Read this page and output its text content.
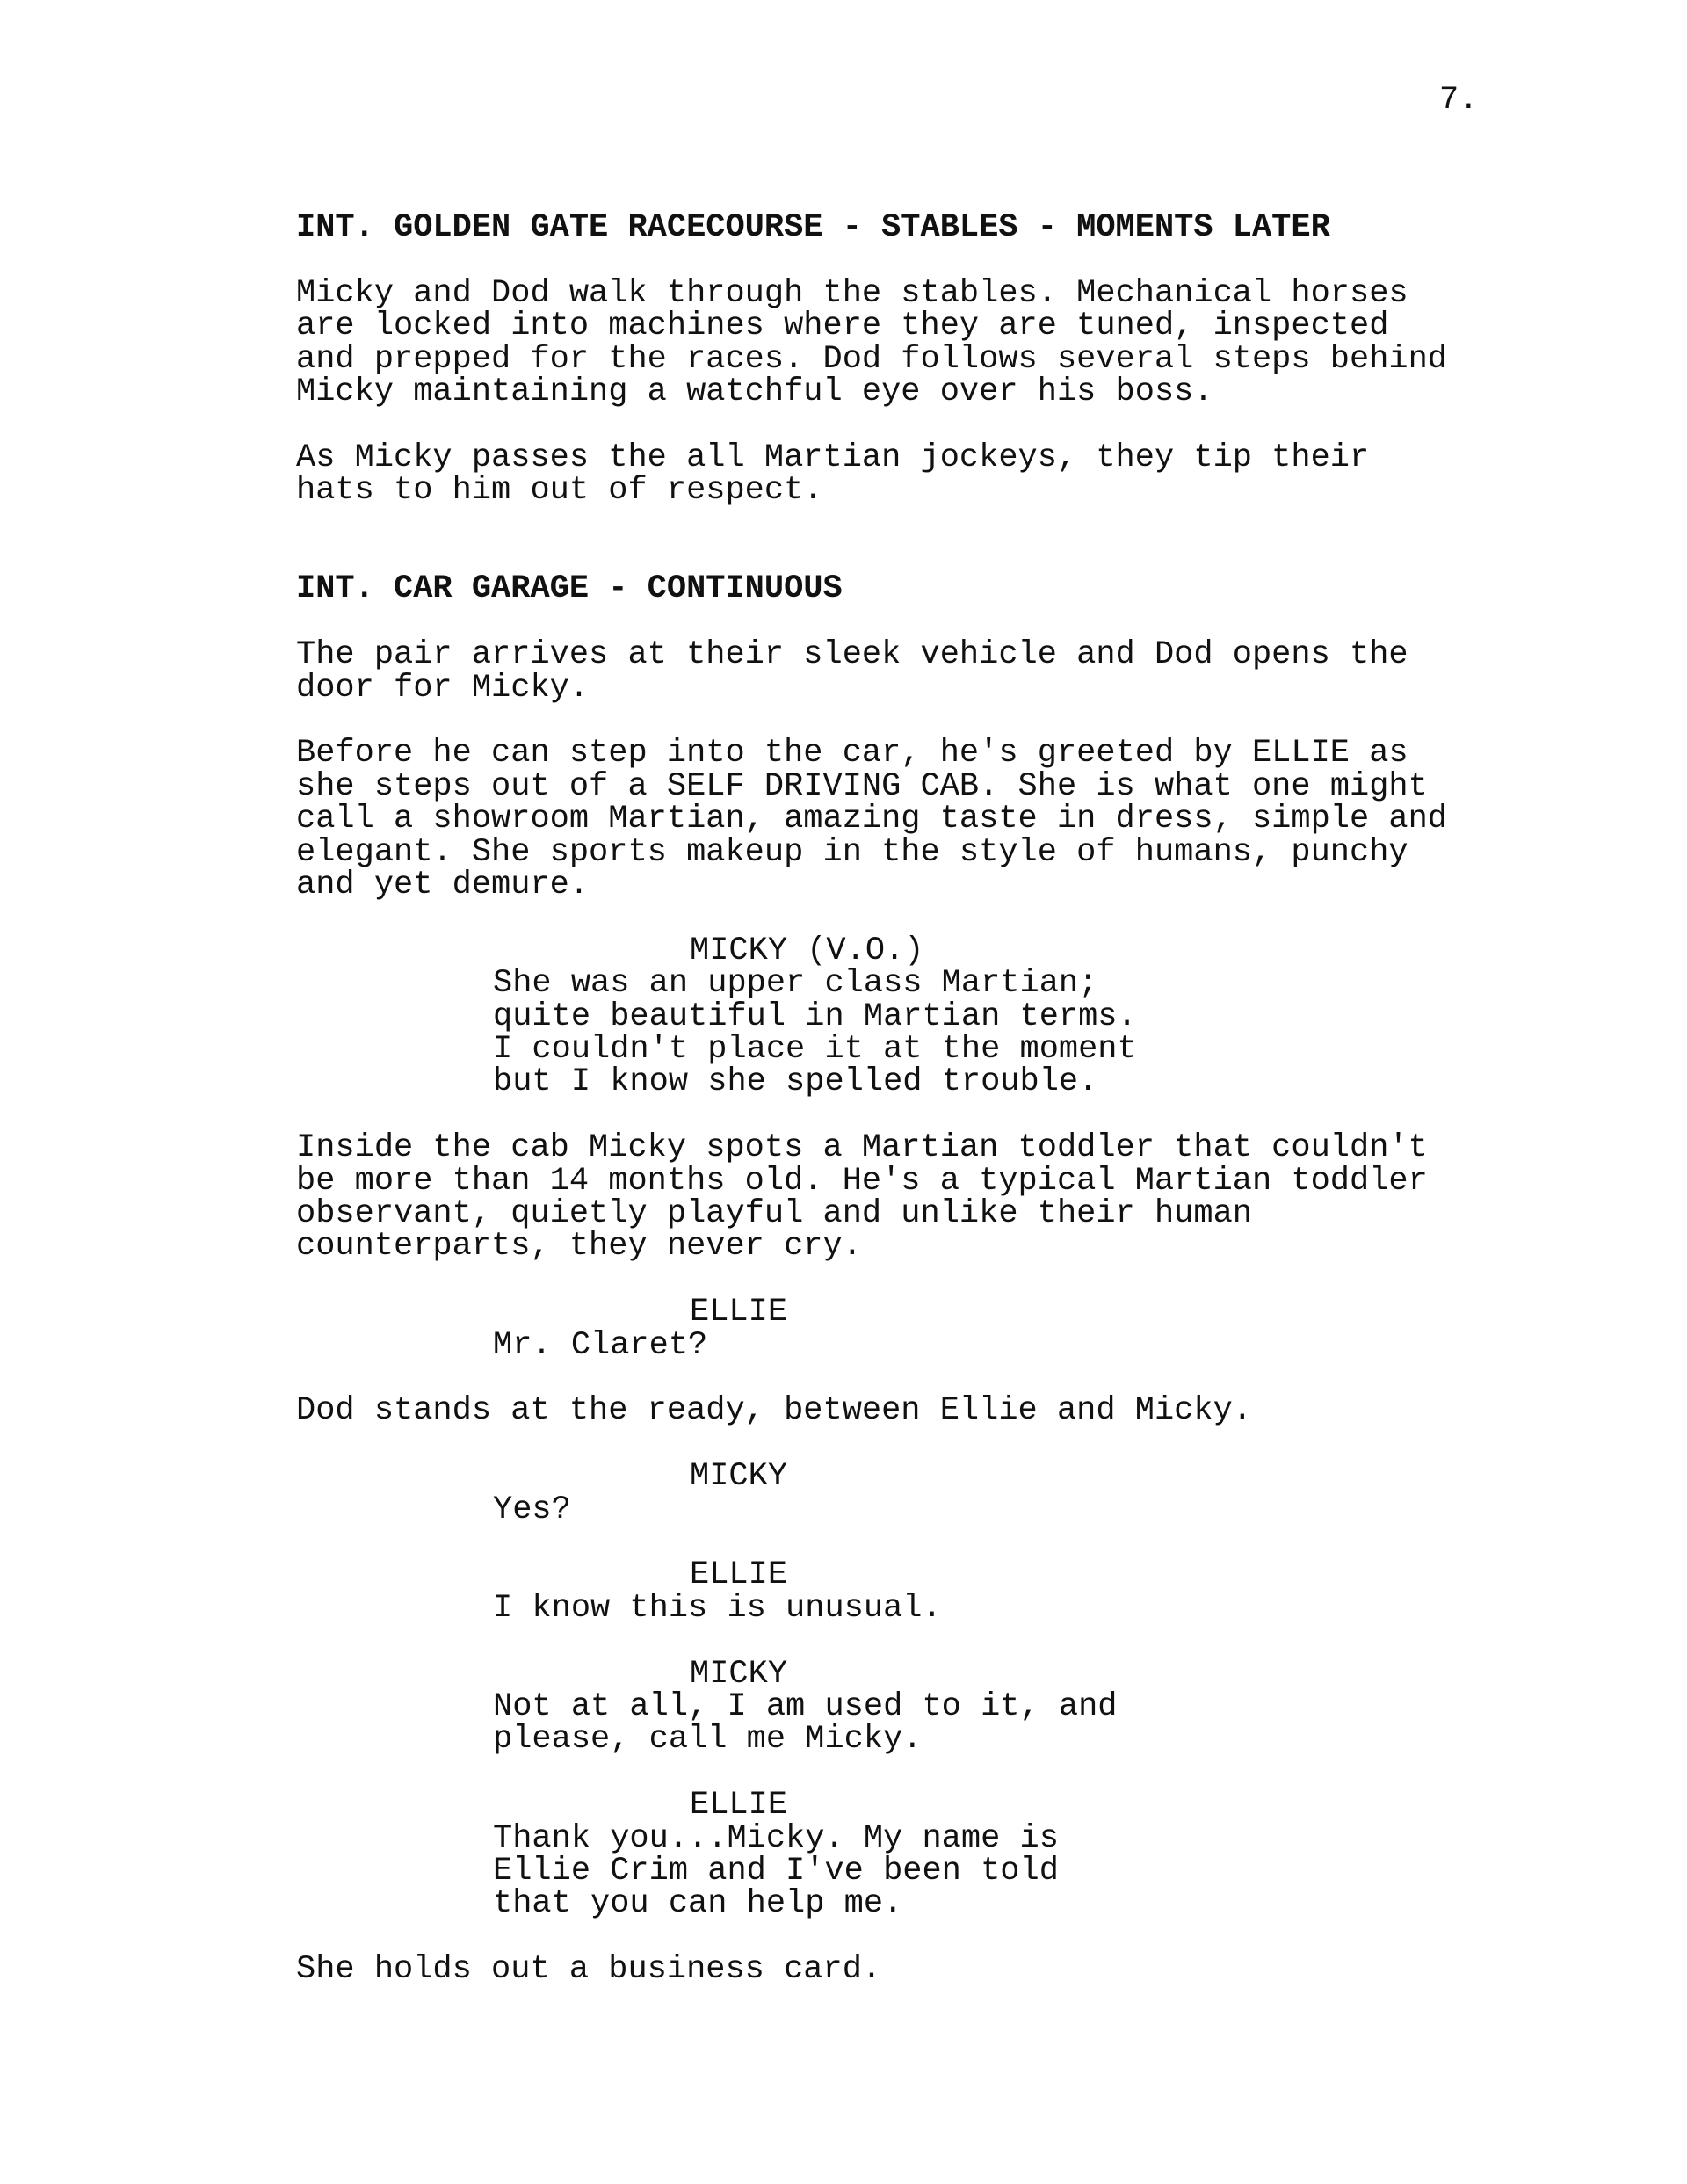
7.
INT. GOLDEN GATE RACECOURSE - STABLES - MOMENTS LATER
Micky and Dod walk through the stables. Mechanical horses
are locked into machines where they are tuned, inspected
and prepped for the races. Dod follows several steps behind
Micky maintaining a watchful eye over his boss.
As Micky passes the all Martian jockeys, they tip their
hats to him out of respect.
INT. CAR GARAGE - CONTINUOUS
The pair arrives at their sleek vehicle and Dod opens the
door for Micky.
Before he can step into the car, he's greeted by ELLIE as
she steps out of a SELF DRIVING CAB. She is what one might
call a showroom Martian, amazing taste in dress, simple and
elegant. She sports makeup in the style of humans, punchy
and yet demure.
MICKY (V.O.)
She was an upper class Martian;
quite beautiful in Martian terms.
I couldn't place it at the moment
but I know she spelled trouble.
Inside the cab Micky spots a Martian toddler that couldn't
be more than 14 months old. He's a typical Martian toddler
observant, quietly playful and unlike their human
counterparts, they never cry.
ELLIE
Mr. Claret?
Dod stands at the ready, between Ellie and Micky.
MICKY
Yes?
ELLIE
I know this is unusual.
MICKY
Not at all, I am used to it, and
please, call me Micky.
ELLIE
Thank you...Micky. My name is
Ellie Crim and I've been told
that you can help me.
She holds out a business card.
